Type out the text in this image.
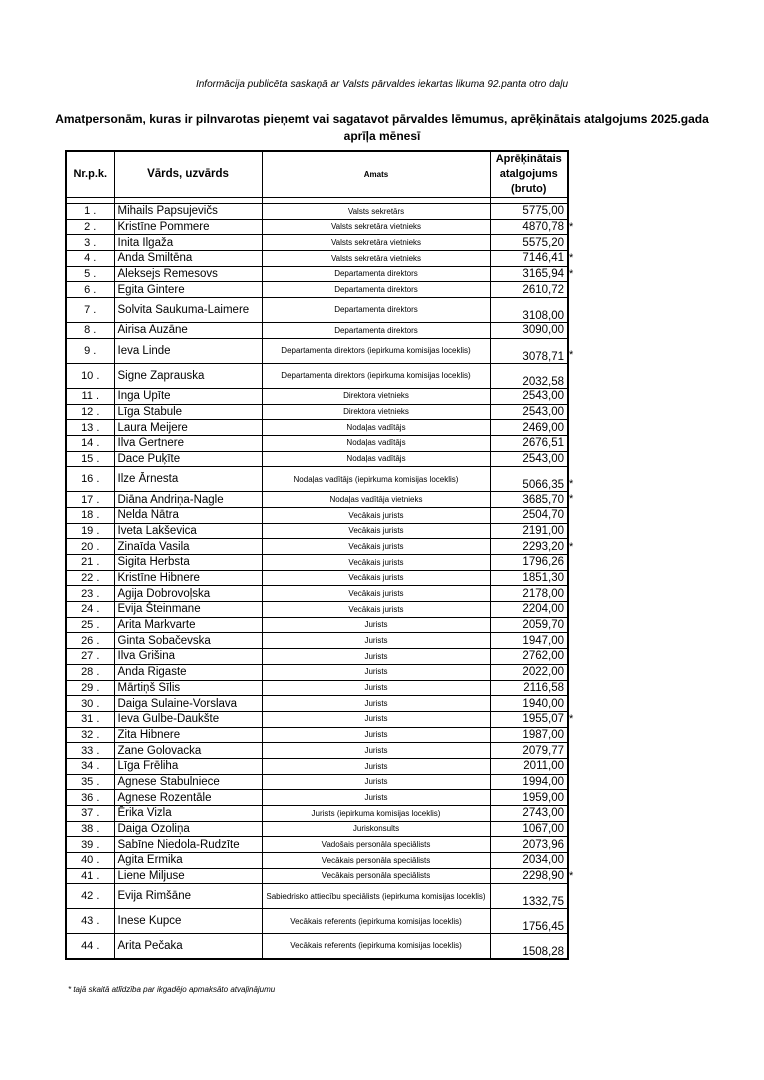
Informācija publicēta saskaņā ar Valsts pārvaldes iekartas likuma 92.panta otro daļu
Amatpersonām, kuras ir pilnvarotas pieņemt vai sagatavot pārvaldes lēmumus, aprēķinātais atalgojums 2025.gada aprīļa mēnesī
Nr.p.k.	Vārds, uzvārds	Amats	Aprēķinātais atalgojums (bruto)

1 .	Mihails Papsujevičs	Valsts sekretārs	5775,00
2 .	Kristīne Pommere	Valsts sekretāra vietnieks	4870,78
3 .	Inita Ilgaža	Valsts sekretāra vietnieks	5575,20
4 .	Anda Smiltēna	Valsts sekretāra vietnieks	7146,41
5 .	Aleksejs Remesovs	Departamenta direktors	3165,94
6 .	Egita Gintere	Departamenta direktors	2610,72
7 .	Solvita Saukuma-Laimere	Departamenta direktors	3108,00
8 .	Airisa Auzāne	Departamenta direktors	3090,00
9 .	Ieva Linde	Departamenta direktors (iepirkuma komisijas loceklis)	3078,71
10 .	Signe Zaprauska	Departamenta direktors (iepirkuma komisijas loceklis)	2032,58
11 .	Inga Upīte	Direktora vietnieks	2543,00
12 .	Līga Stabule	Direktora vietnieks	2543,00
13 .	Laura Meijere	Nodaļas vadītājs	2469,00
14 .	Ilva Gertnere	Nodaļas vadītājs	2676,51
15 .	Dace Puķīte	Nodaļas vadītājs	2543,00
16 .	Ilze Ārnesta	Nodaļas vadītājs (iepirkuma komisijas loceklis)	5066,35
17 .	Diāna Andriņa-Nagle	Nodaļas vadītāja vietnieks	3685,70
18 .	Nelda Nātra	Vecākais jurists	2504,70
19 .	Iveta Lakševica	Vecākais jurists	2191,00
20 .	Zinaīda Vasila	Vecākais jurists	2293,20
21 .	Sigita Herbsta	Vecākais jurists	1796,26
22 .	Kristīne Hibnere	Vecākais jurists	1851,30
23 .	Agija Dobrovoļska	Vecākais jurists	2178,00
24 .	Evija Šteinmane	Vecākais jurists	2204,00
25 .	Arita Markvarte	Jurists	2059,70
26 .	Ginta Sobačevska	Jurists	1947,00
27 .	Ilva Grišina	Jurists	2762,00
28 .	Anda Rigaste	Jurists	2022,00
29 .	Mārtiņš Sīlis	Jurists	2116,58
30 .	Daiga Sulaine-Vorslava	Jurists	1940,00
31 .	Ieva Gulbe-Daukšte	Jurists	1955,07
32 .	Zita Hibnere	Jurists	1987,00
33 .	Zane Golovacka	Jurists	2079,77
34 .	Līga Frēliha	Jurists	2011,00
35 .	Agnese Stabulniece	Jurists	1994,00
36 .	Agnese Rozentāle	Jurists	1959,00
37 .	Ērika Vizla	Jurists (iepirkuma komisijas loceklis)	2743,00
38 .	Daiga Ozoliņa	Juriskonsults	1067,00
39 .	Sabīne Niedola-Rudzīte	Vadošais personāla speciālists	2073,96
40 .	Agita Ermika	Vecākais personāla speciālists	2034,00
41 .	Liene Miljuse	Vecākais personāla speciālists	2298,90
42 .	Evija Rimšāne	Sabiedrisko attiecību speciālists (iepirkuma komisijas loceklis)	1332,75
43 .	Inese Kupce	Vecākais referents (iepirkuma komisijas loceklis)	1756,45
44 .	Arita Pečaka	Vecākais referents (iepirkuma komisijas loceklis)	1508,28
*
*
*
*
*
*
*
*
*
* tajā skaitā atlīdzība par ikgadējo apmaksāto atvaļinājumu
